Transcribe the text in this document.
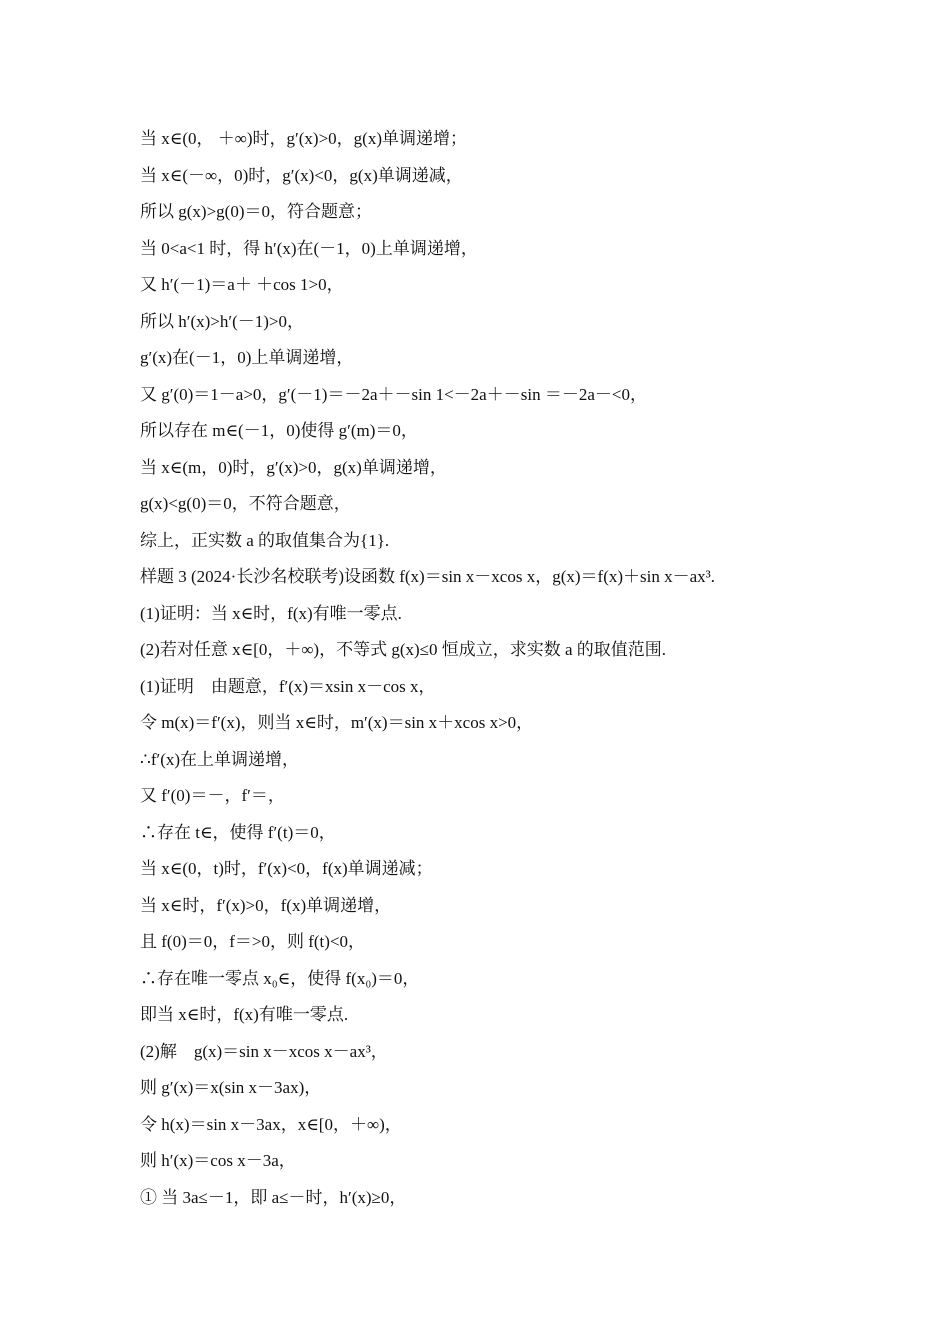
当 x∈(0， ＋∞)时，g′(x)>0，g(x)单调递增；
当 x∈(－∞，0)时，g′(x)<0，g(x)单调递减，
所以 g(x)>g(0)＝0，符合题意；
当 0<a<1 时，得 h′(x)在(－1，0)上单调递增，
又 h′(－1)＝a＋ ＋cos 1>0，
所以 h′(x)>h′(－1)>0，
g′(x)在(－1，0)上单调递增，
又 g′(0)＝1－a>0，g′(－1)＝－2a＋－sin 1<－2a＋－sin ＝－2a－<0，
所以存在 m∈(－1，0)使得 g′(m)＝0，
当 x∈(m，0)时，g′(x)>0，g(x)单调递增，
g(x)<g(0)＝0，不符合题意，
综上，正实数 a 的取值集合为{1}.
样题 3 (2024·长沙名校联考)设函数 f(x)＝sin x－xcos x，g(x)＝f(x)＋sin x－ax³.
(1)证明：当 x∈时，f(x)有唯一零点.
(2)若对任意 x∈[0，＋∞)，不等式 g(x)≤0 恒成立，求实数 a 的取值范围.
(1)证明　由题意，f′(x)＝xsin x－cos x，
令 m(x)＝f′(x)，则当 x∈时，m′(x)＝sin x＋xcos x>0，
∴f′(x)在上单调递增，
又 f′(0)＝－，f′＝，
∴存在 t∈，使得 f′(t)＝0，
当 x∈(0，t)时，f′(x)<0，f(x)单调递减；
当 x∈时，f′(x)>0，f(x)单调递增，
且 f(0)＝0，f＝>0，则 f(t)<0，
∴存在唯一零点 x₀∈，使得 f(x₀)＝0，
即当 x∈时，f(x)有唯一零点.
(2)解　g(x)＝sin x－xcos x－ax³，
则 g′(x)＝x(sin x－3ax)，
令 h(x)＝sin x－3ax，x∈[0，＋∞)，
则 h′(x)＝cos x－3a，
① 当 3a≤－1，即 a≤－时，h′(x)≥0，
